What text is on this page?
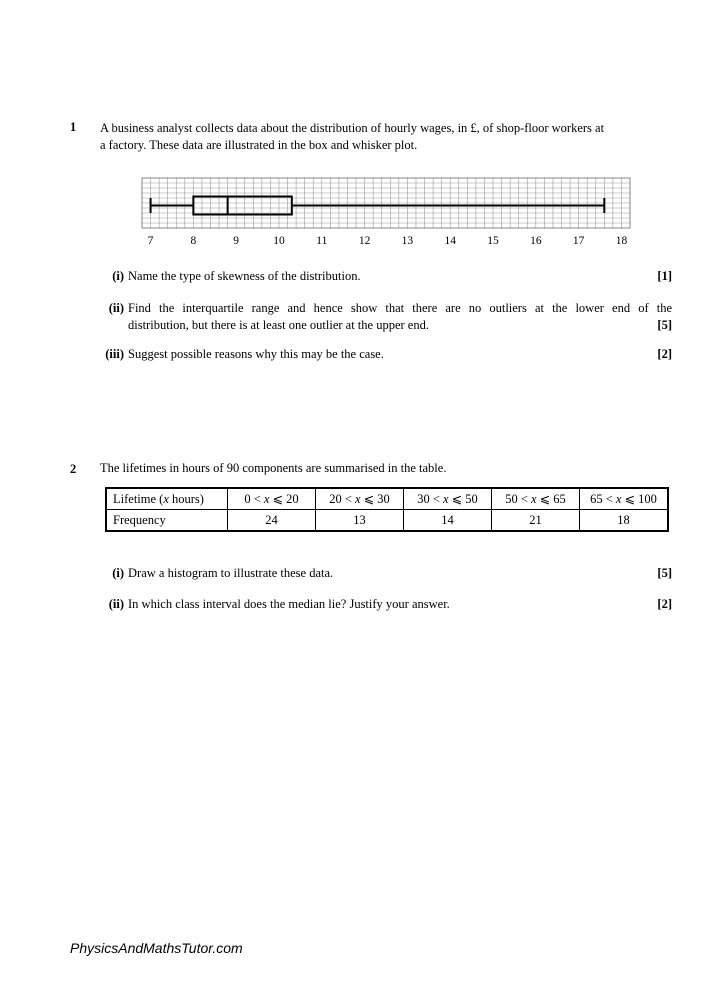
1 A business analyst collects data about the distribution of hourly wages, in £, of shop-floor workers at
a factory. These data are illustrated in the box and whisker plot.
7	8	9	10	11	12	13	14	15	16	17	18
(i) Name the type of skewness of the distribution.	[1]
(ii) Find the interquartile range and hence show that there are no outliers at the lower end of the
distribution, but there is at least one outlier at the upper end.	[5]
(iii) Suggest possible reasons why this may be the case.	[2]
2 The lifetimes in hours of 90 components are summarised in the table.
Lifetime (x hours)	0 < x ⩽ 20	20 < x ⩽ 30	30 < x ⩽ 50	50 < x ⩽ 65	65 < x ⩽ 100
Frequency	24	13	14	21	18
(i) Draw a histogram to illustrate these data.	[5]
(ii) In which class interval does the median lie? Justify your answer.	[2]
PhysicsAndMathsTutor.com
